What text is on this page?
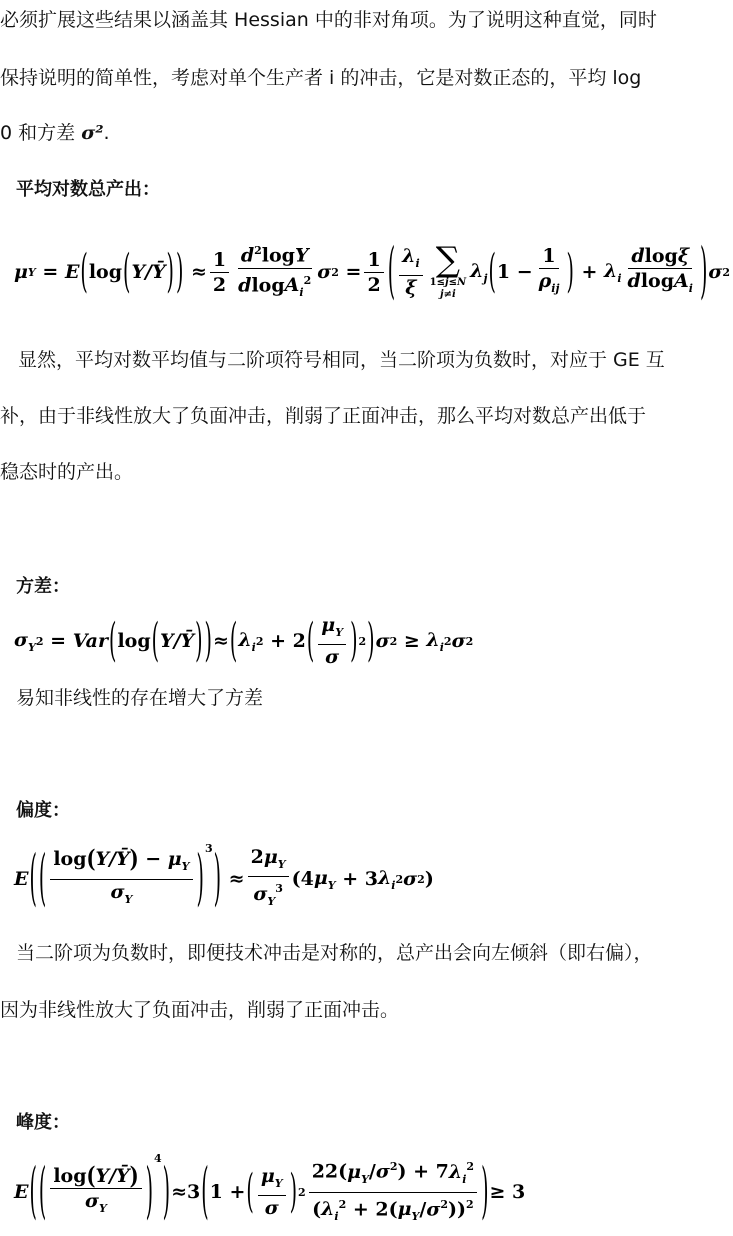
必须扩展这些结果以涵盖其 Hessian 中的非对角项。为了说明这种直觉，同时
保持说明的简单性，考虑对单个生产者 i 的冲击，它是对数正态的，平均 log
0 和方差 σ².
平均对数总产出：
μ Υ = E ( log ( Υ/Ῡ ) ) ≈ $\frac{1}{2} \frac{d^2\log\Upsilon}{dlogA_i^2}$ σ $2 = \frac{1}{2}$ ( $\frac{\lambda_i}{\xi}$ ∑
1≤j≤N
j≠i
$\lambda_j$ ( $1 - \frac{1}{\rho_{ij}}$ ) + $\lambda_i \frac{dlog\xi}{dlogA_i}$ ) σ 2
显然，平均对数平均值与二阶项符号相同，当二阶项为负数时，对应于 GE 互
补，由于非线性放大了负面冲击，削弱了正面冲击，那么平均对数总产出低于
稳态时的产出。
方差：
$\sigma_\Upsilon$ 2 = Var ( log ( Υ/Ῡ ) ) ≈ ( $\lambda_i$ 2 + 2 ( $\frac{\mu_\Upsilon}{\sigma}$ ) 2 ) σ $2 \ge \lambda_i$ 2 σ 2
易知非线性的存在增大了方差
偏度：
E ( ( $\frac{\log(\Upsilon/Ῡ) - \mu_\Upsilon}{\sigma_\Upsilon} )^3$ ) ≈ $\frac{2\mu_\Upsilon}{\sigma_\Upsilon^3} (4$ $\mu_\Upsilon + 3$ $\lambda_i$ 2 σ 2 )
当二阶项为负数时，即便技术冲击是对称的，总产出会向左倾斜（即右偏），
因为非线性放大了负面冲击，削弱了正面冲击。
峰度：
E ( ( $\frac{\text{log(Υ/Ῡ)}}{\sigma_\Upsilon} )^4$ ) ≈3 ( 1 + ( $\frac{\mu_\Upsilon}{\sigma}$ ) $2 \frac{22(\mu_\Upsilon/\sigma^2) + 7\lambda_i^2}{(\lambda_i^2 + 2(\mu_\Upsilon/\sigma^2))^2}$ ) ≥ 3
